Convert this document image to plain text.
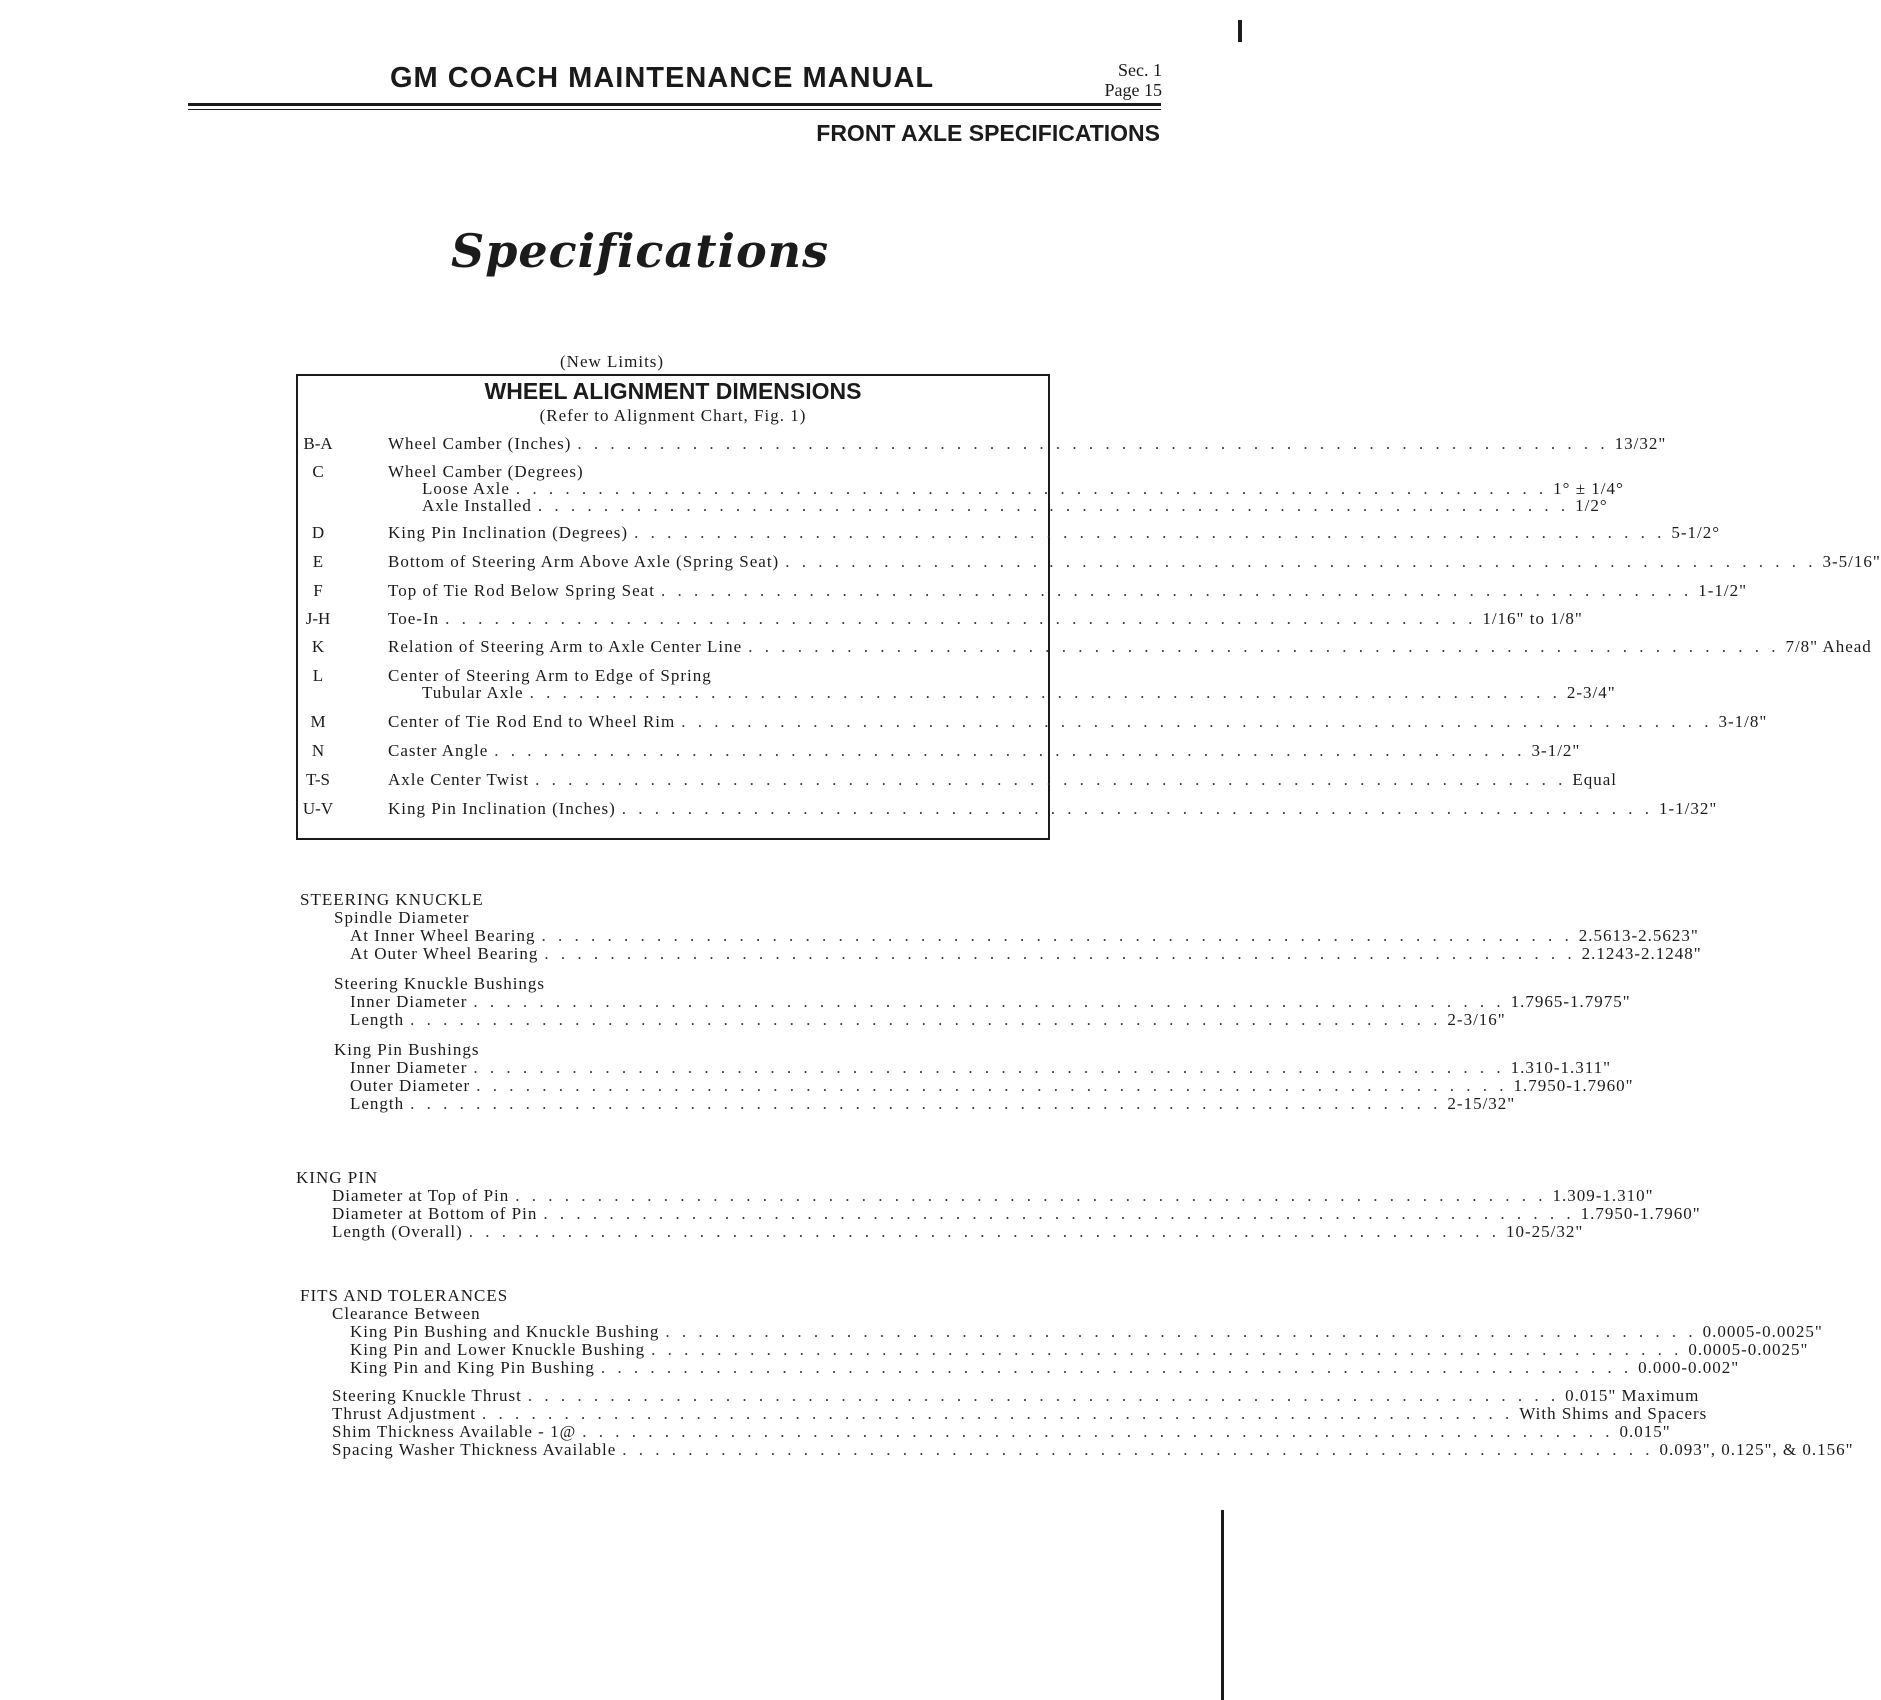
GM COACH MAINTENANCE MANUAL	Sec. 1
Page 15
FRONT AXLE SPECIFICATIONS
Specifications
(New Limits)
WHEEL ALIGNMENT DIMENSIONS
(Refer to Alignment Chart, Fig. 1)
B-A	Wheel Camber (Inches) . . . . . . . . . . . . . . . . . . . . . . . . . . . . . . . . . . . . . . . . . . . . . . . . . . . . . . . . . . . . . . . 13/32"
C	Wheel Camber (Degrees)
Loose Axle . . . . . . . . . . . . . . . . . . . . . . . . . . . . . . . . . . . . . . . . . . . . . . . . . . . . . . . . . . . . . . . 1° ± 1/4°
Axle Installed . . . . . . . . . . . . . . . . . . . . . . . . . . . . . . . . . . . . . . . . . . . . . . . . . . . . . . . . . . . . . . . 1/2°
D	King Pin Inclination (Degrees) . . . . . . . . . . . . . . . . . . . . . . . . . . . . . . . . . . . . . . . . . . . . . . . . . . . . . . . . . . . . . . . 5-1/2°
E	Bottom of Steering Arm Above Axle (Spring Seat) . . . . . . . . . . . . . . . . . . . . . . . . . . . . . . . . . . . . . . . . . . . . . . . . . . . . . . . . . . . . . . . 3-5/16"
F	Top of Tie Rod Below Spring Seat . . . . . . . . . . . . . . . . . . . . . . . . . . . . . . . . . . . . . . . . . . . . . . . . . . . . . . . . . . . . . . . 1-1/2"
J-H	Toe-In . . . . . . . . . . . . . . . . . . . . . . . . . . . . . . . . . . . . . . . . . . . . . . . . . . . . . . . . . . . . . . . 1/16" to 1/8"
K	Relation of Steering Arm to Axle Center Line . . . . . . . . . . . . . . . . . . . . . . . . . . . . . . . . . . . . . . . . . . . . . . . . . . . . . . . . . . . . . . . 7/8" Ahead
L	Center of Steering Arm to Edge of Spring
Tubular Axle . . . . . . . . . . . . . . . . . . . . . . . . . . . . . . . . . . . . . . . . . . . . . . . . . . . . . . . . . . . . . . . 2-3/4"
M	Center of Tie Rod End to Wheel Rim . . . . . . . . . . . . . . . . . . . . . . . . . . . . . . . . . . . . . . . . . . . . . . . . . . . . . . . . . . . . . . . 3-1/8"
N	Caster Angle . . . . . . . . . . . . . . . . . . . . . . . . . . . . . . . . . . . . . . . . . . . . . . . . . . . . . . . . . . . . . . . 3-1/2"
T-S	Axle Center Twist . . . . . . . . . . . . . . . . . . . . . . . . . . . . . . . . . . . . . . . . . . . . . . . . . . . . . . . . . . . . . . . Equal
U-V	King Pin Inclination (Inches) . . . . . . . . . . . . . . . . . . . . . . . . . . . . . . . . . . . . . . . . . . . . . . . . . . . . . . . . . . . . . . . 1-1/32"
STEERING KNUCKLE
Spindle Diameter
At Inner Wheel Bearing . . . . . . . . . . . . . . . . . . . . . . . . . . . . . . . . . . . . . . . . . . . . . . . . . . . . . . . . . . . . . . . 2.5613-2.5623"
At Outer Wheel Bearing . . . . . . . . . . . . . . . . . . . . . . . . . . . . . . . . . . . . . . . . . . . . . . . . . . . . . . . . . . . . . . . 2.1243-2.1248"
Steering Knuckle Bushings
Inner Diameter . . . . . . . . . . . . . . . . . . . . . . . . . . . . . . . . . . . . . . . . . . . . . . . . . . . . . . . . . . . . . . . 1.7965-1.7975"
Length . . . . . . . . . . . . . . . . . . . . . . . . . . . . . . . . . . . . . . . . . . . . . . . . . . . . . . . . . . . . . . . 2-3/16"
King Pin Bushings
Inner Diameter . . . . . . . . . . . . . . . . . . . . . . . . . . . . . . . . . . . . . . . . . . . . . . . . . . . . . . . . . . . . . . . 1.310-1.311"
Outer Diameter . . . . . . . . . . . . . . . . . . . . . . . . . . . . . . . . . . . . . . . . . . . . . . . . . . . . . . . . . . . . . . . 1.7950-1.7960"
Length . . . . . . . . . . . . . . . . . . . . . . . . . . . . . . . . . . . . . . . . . . . . . . . . . . . . . . . . . . . . . . . 2-15/32"
KING PIN
Diameter at Top of Pin . . . . . . . . . . . . . . . . . . . . . . . . . . . . . . . . . . . . . . . . . . . . . . . . . . . . . . . . . . . . . . . 1.309-1.310"
Diameter at Bottom of Pin . . . . . . . . . . . . . . . . . . . . . . . . . . . . . . . . . . . . . . . . . . . . . . . . . . . . . . . . . . . . . . . 1.7950-1.7960"
Length (Overall) . . . . . . . . . . . . . . . . . . . . . . . . . . . . . . . . . . . . . . . . . . . . . . . . . . . . . . . . . . . . . . . 10-25/32"
FITS AND TOLERANCES
Clearance Between
King Pin Bushing and Knuckle Bushing . . . . . . . . . . . . . . . . . . . . . . . . . . . . . . . . . . . . . . . . . . . . . . . . . . . . . . . . . . . . . . . 0.0005-0.0025"
King Pin and Lower Knuckle Bushing . . . . . . . . . . . . . . . . . . . . . . . . . . . . . . . . . . . . . . . . . . . . . . . . . . . . . . . . . . . . . . . 0.0005-0.0025"
King Pin and King Pin Bushing . . . . . . . . . . . . . . . . . . . . . . . . . . . . . . . . . . . . . . . . . . . . . . . . . . . . . . . . . . . . . . . 0.000-0.002"
Steering Knuckle Thrust . . . . . . . . . . . . . . . . . . . . . . . . . . . . . . . . . . . . . . . . . . . . . . . . . . . . . . . . . . . . . . . 0.015" Maximum
Thrust Adjustment . . . . . . . . . . . . . . . . . . . . . . . . . . . . . . . . . . . . . . . . . . . . . . . . . . . . . . . . . . . . . . . With Shims and Spacers
Shim Thickness Available - 1@ . . . . . . . . . . . . . . . . . . . . . . . . . . . . . . . . . . . . . . . . . . . . . . . . . . . . . . . . . . . . . . . 0.015"
Spacing Washer Thickness Available . . . . . . . . . . . . . . . . . . . . . . . . . . . . . . . . . . . . . . . . . . . . . . . . . . . . . . . . . . . . . . . 0.093", 0.125", & 0.156"
